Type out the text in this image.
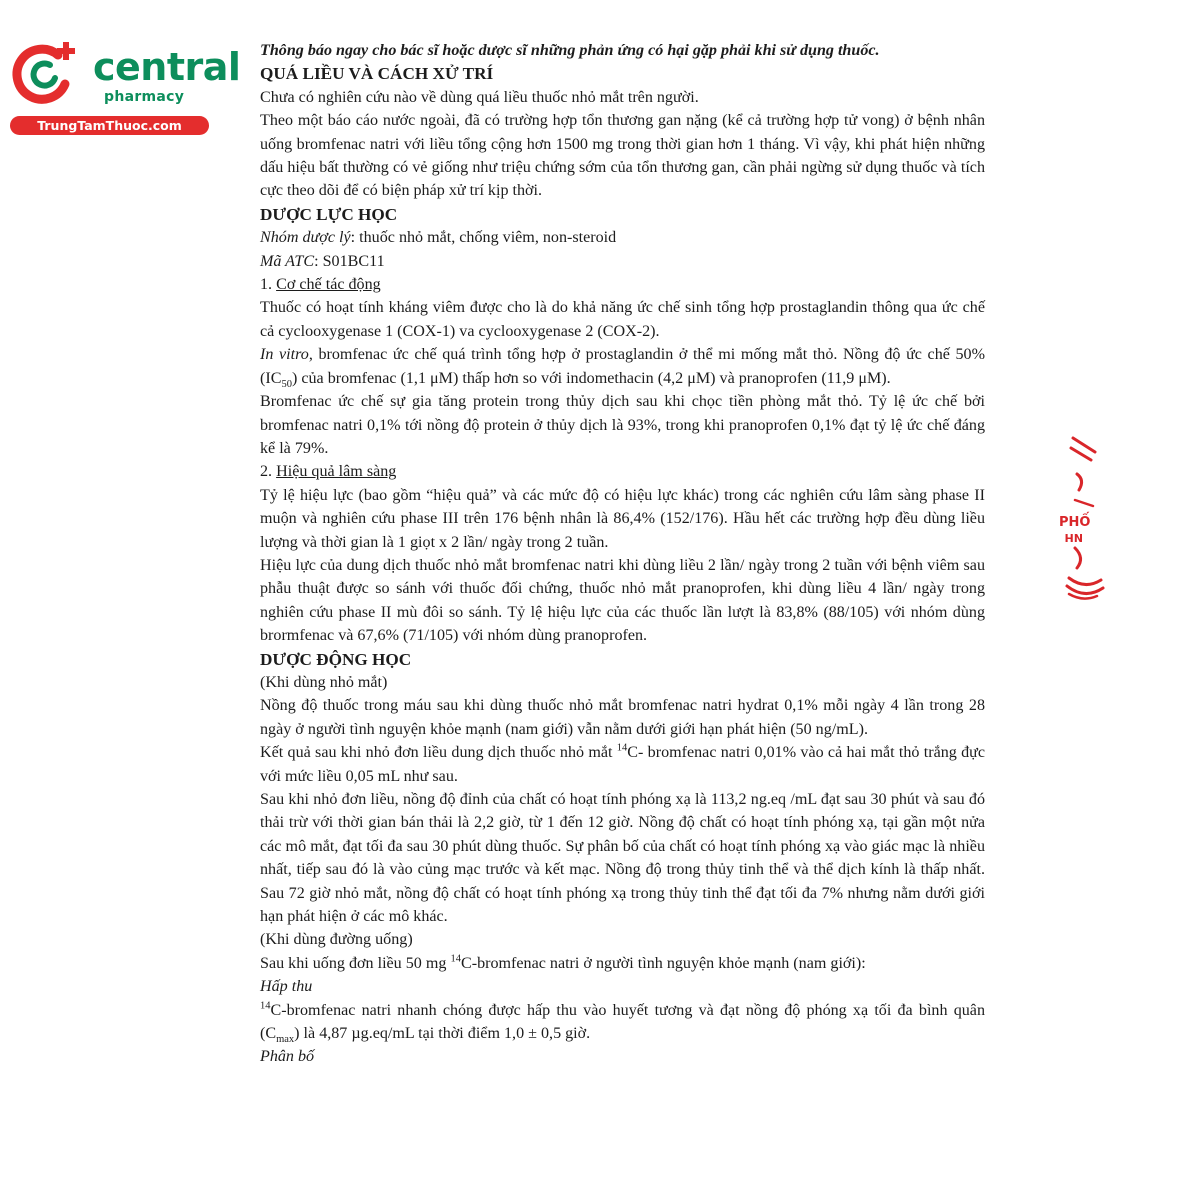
central
pharmacy
TrungTamThuoc.com

Thông báo ngay cho bác sĩ hoặc dược sĩ những phản ứng có hại gặp phải khi sử dụng thuốc.

QUÁ LIỀU VÀ CÁCH XỬ TRÍ

Chưa có nghiên cứu nào về dùng quá liều thuốc nhỏ mắt trên người.

Theo một báo cáo nước ngoài, đã có trường hợp tổn thương gan nặng (kể cả trường hợp tử vong) ở bệnh nhân uống bromfenac natri với liều tổng cộng hơn 1500 mg trong thời gian hơn 1 tháng. Vì vậy, khi phát hiện những dấu hiệu bất thường có vẻ giống như triệu chứng sớm của tổn thương gan, cần phải ngừng sử dụng thuốc và tích cực theo dõi để có biện pháp xử trí kịp thời.

DƯỢC LỰC HỌC

Nhóm dược lý: thuốc nhỏ mắt, chống viêm, non-steroid

Mã ATC: S01BC11

1. Cơ chế tác động

Thuốc có hoạt tính kháng viêm được cho là do khả năng ức chế sinh tổng hợp prostaglandin thông qua ức chế cả cyclooxygenase 1 (COX-1) va cyclooxygenase 2 (COX-2).

In vitro, bromfenac ức chế quá trình tổng hợp ở prostaglandin ở thể mi mống mắt thỏ. Nồng độ ức chế 50% $(IC_{50})$ của bromfenac (1,1 μM) thấp hơn so với indomethacin (4,2 μM) và pranoprofen (11,9 μM).

Bromfenac ức chế sự gia tăng protein trong thủy dịch sau khi chọc tiền phòng mắt thỏ. Tỷ lệ ức chế bởi bromfenac natri 0,1% tới nồng độ protein ở thủy dịch là 93%, trong khi pranoprofen 0,1% đạt tỷ lệ ức chế đáng kể là 79%.

2. Hiệu quả lâm sàng

Tỷ lệ hiệu lực (bao gồm “hiệu quả” và các mức độ có hiệu lực khác) trong các nghiên cứu lâm sàng phase II muộn và nghiên cứu phase III trên 176 bệnh nhân là 86,4% (152/176). Hầu hết các trường hợp đều dùng liều lượng và thời gian là 1 giọt x 2 lần/ ngày trong 2 tuần.

Hiệu lực của dung dịch thuốc nhỏ mắt bromfenac natri khi dùng liều 2 lần/ ngày trong 2 tuần với bệnh viêm sau phẫu thuật được so sánh với thuốc đối chứng, thuốc nhỏ mắt pranoprofen, khi dùng liều 4 lần/ ngày trong nghiên cứu phase II mù đôi so sánh. Tỷ lệ hiệu lực của các thuốc lần lượt là 83,8% (88/105) với nhóm dùng brormfenac và 67,6% (71/105) với nhóm dùng pranoprofen.

DƯỢC ĐỘNG HỌC

(Khi dùng nhỏ mắt)

Nồng độ thuốc trong máu sau khi dùng thuốc nhỏ mắt bromfenac natri hydrat 0,1% mỗi ngày 4 lần trong 28 ngày ở người tình nguyện khỏe mạnh (nam giới) vẫn nằm dưới giới hạn phát hiện (50 ng/mL).

Kết quả sau khi nhỏ đơn liều dung dịch thuốc nhỏ mắt $^{14}$C- bromfenac natri 0,01% vào cả hai mắt thỏ trắng đực với mức liều 0,05 mL như sau.

Sau khi nhỏ đơn liều, nồng độ đỉnh của chất có hoạt tính phóng xạ là 113,2 ng.eq /mL đạt sau 30 phút và sau đó thải trừ với thời gian bán thải là 2,2 giờ, từ 1 đến 12 giờ. Nồng độ chất có hoạt tính phóng xạ, tại gần một nửa các mô mắt, đạt tối đa sau 30 phút dùng thuốc. Sự phân bố của chất có hoạt tính phóng xạ vào giác mạc là nhiều nhất, tiếp sau đó là vào củng mạc trước và kết mạc. Nồng độ trong thủy tinh thể và thể dịch kính là thấp nhất. Sau 72 giờ nhỏ mắt, nồng độ chất có hoạt tính phóng xạ trong thủy tinh thể đạt tối đa 7% nhưng nằm dưới giới hạn phát hiện ở các mô khác.

(Khi dùng đường uống)

Sau khi uống đơn liều 50 mg $^{14}$C-bromfenac natri ở người tình nguyện khỏe mạnh (nam giới):

Hấp thu

$^{14}$C-bromfenac natri nhanh chóng được hấp thu vào huyết tương và đạt nồng độ phóng xạ tối đa bình quân $(C_{max})$ là 4,87 µg.eq/mL tại thời điểm 1,0 ± 0,5 giờ.

Phân bố

PHỐ
NH
